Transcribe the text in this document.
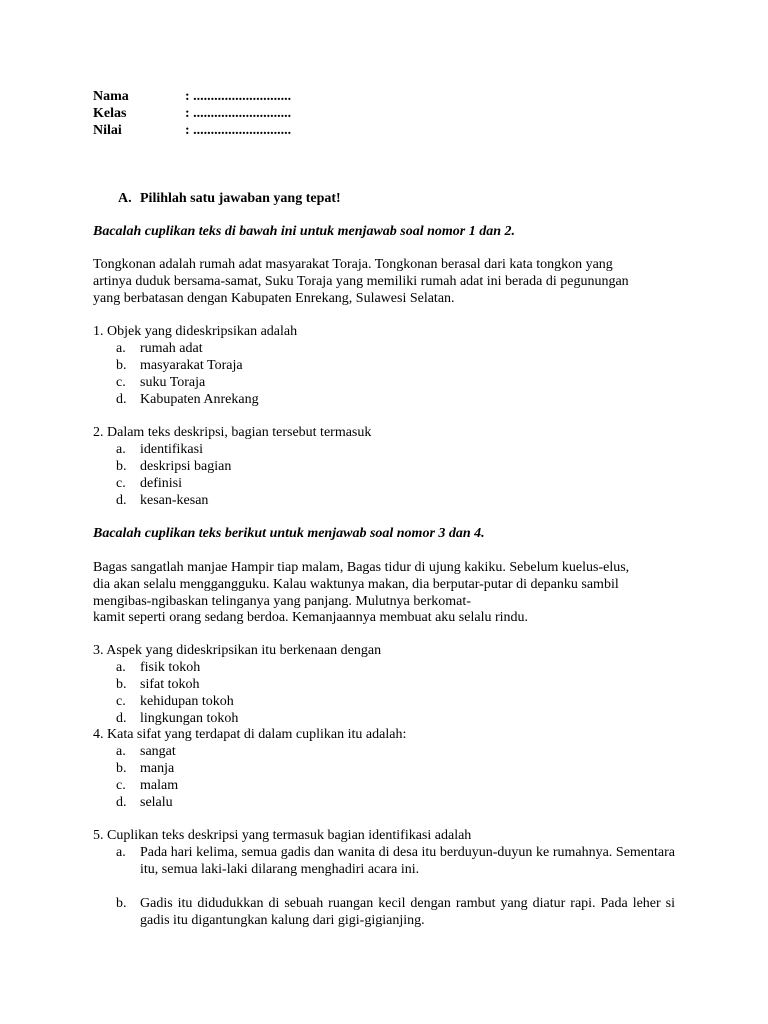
Nama	: ............................
Kelas	: ............................
Nilai	: ............................
A. Pilihlah satu jawaban yang tepat!
Bacalah cuplikan teks di bawah ini untuk menjawab soal nomor 1 dan 2.
Tongkonan adalah rumah adat masyarakat Toraja. Tongkonan berasal dari kata tongkon yang
artinya duduk bersama-samat, Suku Toraja yang memiliki rumah adat ini berada di pegunungan
yang berbatasan dengan Kabupaten Enrekang, Sulawesi Selatan.
1. Objek yang dideskripsikan adalah
a. rumah adat
b. masyarakat Toraja
c. suku Toraja
d. Kabupaten Anrekang
2. Dalam teks deskripsi, bagian tersebut termasuk
a. identifikasi
b. deskripsi bagian
c. definisi
d. kesan-kesan
Bacalah cuplikan teks berikut untuk menjawab soal nomor 3 dan 4.
Bagas sangatlah manjae Hampir tiap malam, Bagas tidur di ujung kakiku. Sebelum kuelus-elus,
dia akan selalu menggangguku. Kalau waktunya makan, dia berputar-putar di depanku sambil
mengibas-ngibaskan telinganya yang panjang. Mulutnya berkomat-
kamit seperti orang sedang berdoa. Kemanjaannya membuat aku selalu rindu.
3. Aspek yang dideskripsikan itu berkenaan dengan
a. fisik tokoh
b. sifat tokoh
c. kehidupan tokoh
d. lingkungan tokoh
4. Kata sifat yang terdapat di dalam cuplikan itu adalah:
a. sangat
b. manja
c. malam
d. selalu
5. Cuplikan teks deskripsi yang termasuk bagian identifikasi adalah
a. Pada hari kelima, semua gadis dan wanita di desa itu berduyun-duyun ke rumahnya. Sementara itu, semua laki-laki dilarang menghadiri acara ini.
b. Gadis itu didudukkan di sebuah ruangan kecil dengan rambut yang diatur rapi. Pada leher si gadis itu digantungkan kalung dari gigi-gigianjing.
